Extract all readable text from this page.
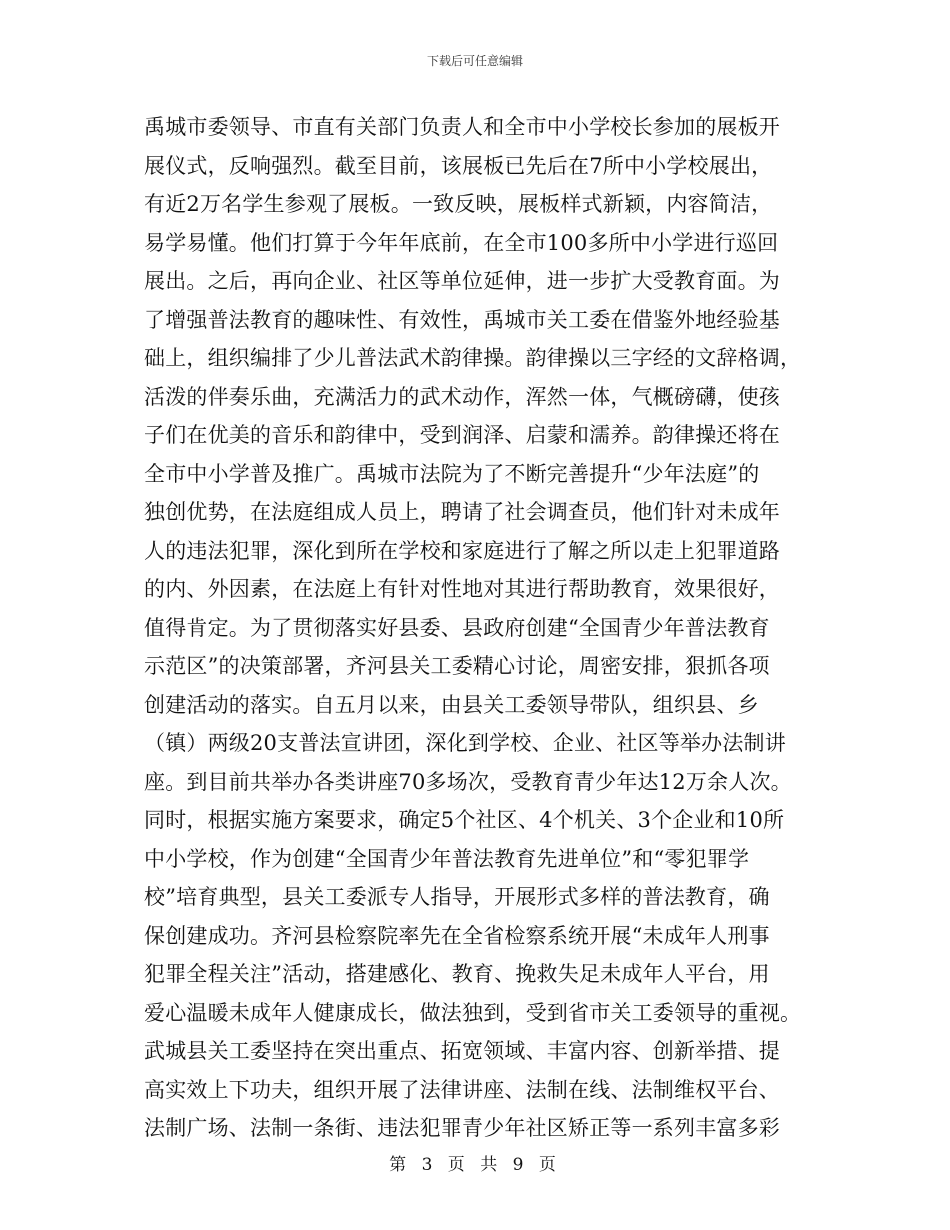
下载后可任意编辑
禹城市委领导、市直有关部门负责人和全市中小学校长参加的展板开
展仪式，反响强烈。截至目前，该展板已先后在7所中小学校展出，
有近2万名学生参观了展板。一致反映，展板样式新颖，内容简洁，
易学易懂。他们打算于今年年底前，在全市100多所中小学进行巡回
展出。之后，再向企业、社区等单位延伸，进一步扩大受教育面。为
了增强普法教育的趣味性、有效性，禹城市关工委在借鉴外地经验基
础上，组织编排了少儿普法武术韵律操。韵律操以三字经的文辞格调，
活泼的伴奏乐曲，充满活力的武术动作，浑然一体，气概磅礴，使孩
子们在优美的音乐和韵律中，受到润泽、启蒙和濡养。韵律操还将在
全市中小学普及推广。禹城市法院为了不断完善提升“少年法庭”的
独创优势，在法庭组成人员上，聘请了社会调查员，他们针对未成年
人的违法犯罪，深化到所在学校和家庭进行了解之所以走上犯罪道路
的内、外因素，在法庭上有针对性地对其进行帮助教育，效果很好，
值得肯定。为了贯彻落实好县委、县政府创建“全国青少年普法教育
示范区”的决策部署，齐河县关工委精心讨论，周密安排，狠抓各项
创建活动的落实。自五月以来，由县关工委领导带队，组织县、乡
（镇）两级20支普法宣讲团，深化到学校、企业、社区等举办法制讲
座。到目前共举办各类讲座70多场次，受教育青少年达12万余人次。
同时，根据实施方案要求，确定5个社区、4个机关、3个企业和10所
中小学校，作为创建“全国青少年普法教育先进单位”和“零犯罪学
校”培育典型，县关工委派专人指导，开展形式多样的普法教育，确
保创建成功。齐河县检察院率先在全省检察系统开展“未成年人刑事
犯罪全程关注”活动，搭建感化、教育、挽救失足未成年人平台，用
爱心温暖未成年人健康成长，做法独到，受到省市关工委领导的重视。
武城县关工委坚持在突出重点、拓宽领域、丰富内容、创新举措、提
高实效上下功夫，组织开展了法律讲座、法制在线、法制维权平台、
法制广场、法制一条街、违法犯罪青少年社区矫正等一系列丰富多彩
第 3 页 共 9 页
